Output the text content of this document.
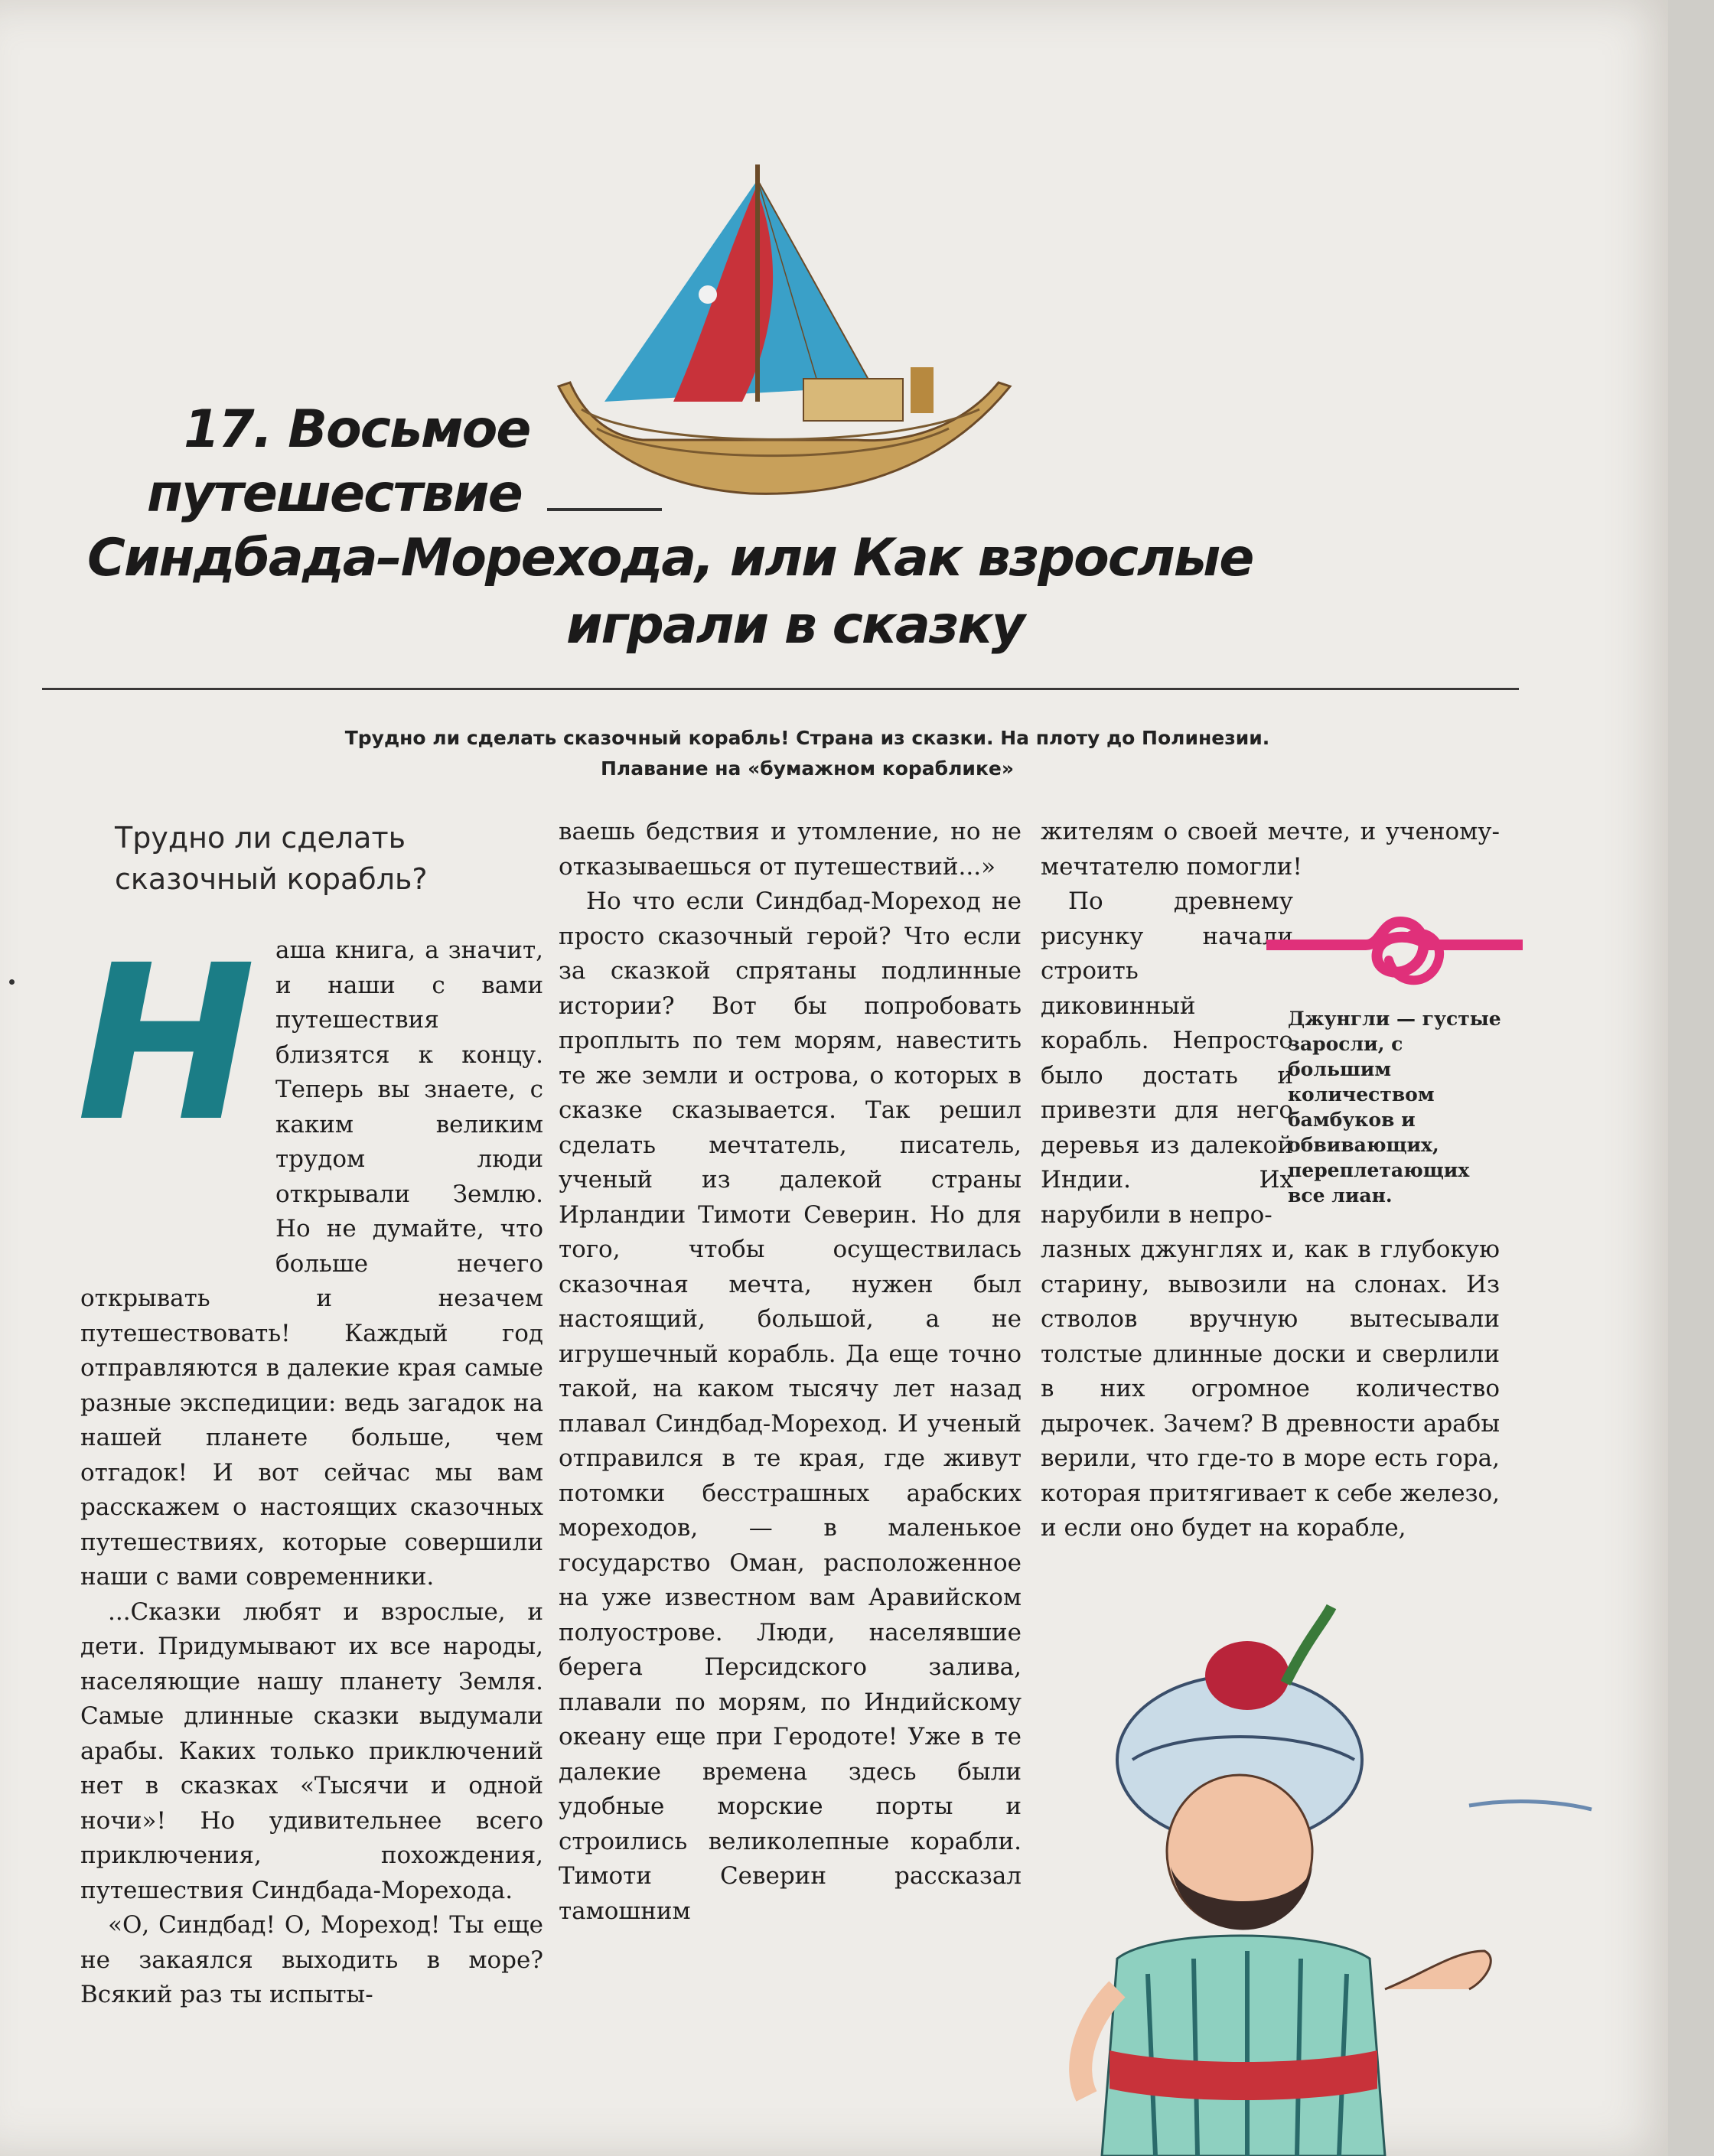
17. Восьмое
путешествие
Синдбада–Морехода, или Как взрослые
играли в сказку
Трудно ли сделать сказочный корабль! Страна из сказки. На плоту до Полинезии.
Плавание на «бумажном кораблике»
Трудно ли сделать сказочный корабль?
Н аша книга, а значит, и наши с вами путешествия близятся к концу. Теперь вы знаете, с каким великим трудом люди открывали Землю. Но не думайте, что больше нечего открывать и незачем путешествовать! Каждый год отправляются в далекие края самые разные экспедиции: ведь загадок на нашей планете больше, чем отгадок! И вот сейчас мы вам расскажем о настоящих сказочных путешествиях, которые совершили наши с вами современники.

...Сказки любят и взрослые, и дети. Придумывают их все народы, населяющие нашу планету Земля. Самые длинные сказки выдумали арабы. Каких только приключений нет в сказках «Тысячи и одной ночи»! Но удивительнее всего приключения, похождения, путешествия Синдбада-Морехода.

«О, Синдбад! О, Мореход! Ты еще не закаялся выходить в море? Всякий раз ты испыты-

ваешь бедствия и утомление, но не отказываешься от путешествий...»

Но что если Синдбад-Мореход не просто сказочный герой? Что если за сказкой спрятаны подлинные истории? Вот бы попробовать проплыть по тем морям, навестить те же земли и острова, о которых в сказке сказывается. Так решил сделать мечтатель, писатель, ученый из далекой страны Ирландии Тимоти Северин. Но для того, чтобы осуществилась сказочная мечта, нужен был настоящий, большой, а не игрушечный корабль. Да еще точно такой, на каком тысячу лет назад плавал Синдбад-Мореход. И ученый отправился в те края, где живут потомки бесстрашных арабских мореходов, — в маленькое государство Оман, расположенное на уже известном вам Аравийском полуострове. Люди, населявшие берега Персидского залива, плавали по морям, по Индийскому океану еще при Геродоте! Уже в те далекие времена здесь были удобные морские порты и строились великолепные корабли. Тимоти Северин рассказал тамошним

жителям о своей мечте, и ученому-мечтателю помогли!

По древнему рисунку начали строить диковинный корабль. Непросто было достать и привезти для него деревья из далекой Индии. Их нарубили в непро-

лазных джунглях и, как в глубокую старину, вывозили на слонах. Из стволов вручную вытесывали толстые длинные доски и сверлили в них огромное количество дырочек. Зачем? В древности арабы верили, что где-то в море есть гора, которая притягивает к себе железо, и если оно будет на корабле,

Джунгли — густые заросли, с большим количеством бамбуков и обвивающих, переплетающих все лиан.
